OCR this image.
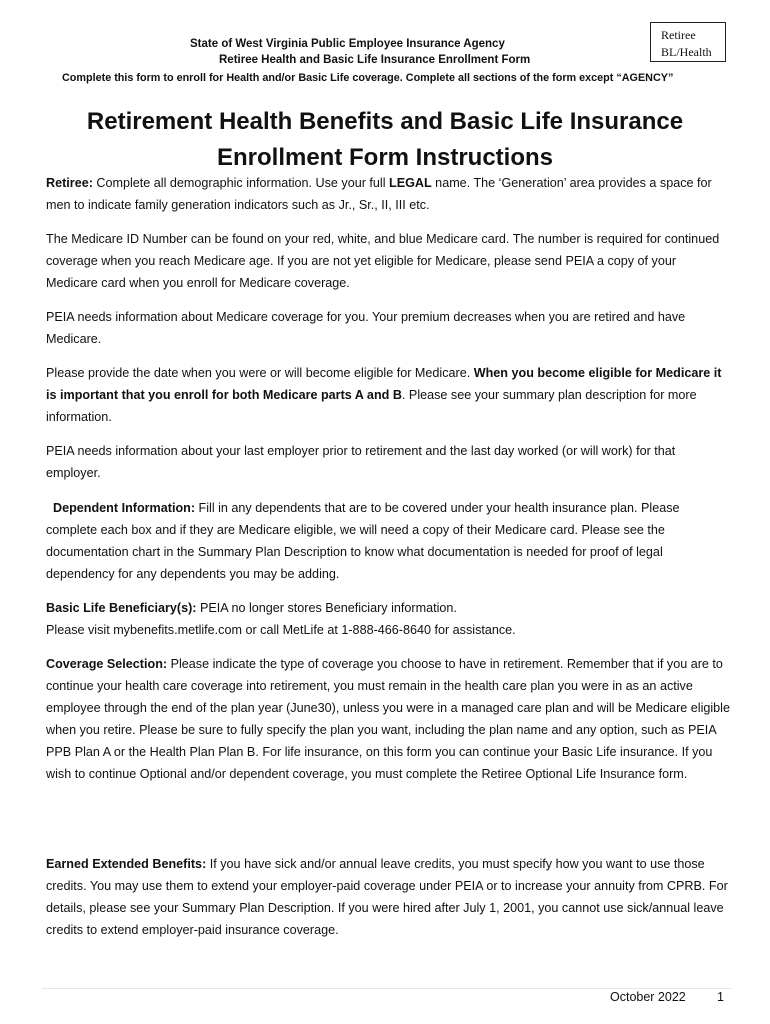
Retiree
BL/Health
State of West Virginia Public Employee Insurance Agency
Retiree Health and Basic Life Insurance Enrollment Form
Complete this form to enroll for Health and/or Basic Life coverage. Complete all sections of the form except “AGENCY”
Retirement Health Benefits and Basic Life Insurance
Enrollment Form Instructions
Retiree: Complete all demographic information. Use your full LEGAL name. The ‘Generation’ area provides a space for men to indicate family generation indicators such as Jr., Sr., II, III etc.
The Medicare ID Number can be found on your red, white, and blue Medicare card. The number is required for continued coverage when you reach Medicare age. If you are not yet eligible for Medicare, please send PEIA a copy of your Medicare card when you enroll for Medicare coverage.
PEIA needs information about Medicare coverage for you. Your premium decreases when you are retired and have Medicare.
Please provide the date when you were or will become eligible for Medicare. When you become eligible for Medicare it is important that you enroll for both Medicare parts A and B. Please see your summary plan description for more information.
PEIA needs information about your last employer prior to retirement and the last day worked (or will work) for that employer.
Dependent Information: Fill in any dependents that are to be covered under your health insurance plan. Please complete each box and if they are Medicare eligible, we will need a copy of their Medicare card. Please see the documentation chart in the Summary Plan Description to know what documentation is needed for proof of legal dependency for any dependents you may be adding.
Basic Life Beneficiary(s): PEIA no longer stores Beneficiary information.
Please visit mybenefits.metlife.com or call MetLife at 1-888-466-8640 for assistance.
Coverage Selection: Please indicate the type of coverage you choose to have in retirement. Remember that if you are to continue your health care coverage into retirement, you must remain in the health care plan you were in as an active employee through the end of the plan year (June30), unless you were in a managed care plan and will be Medicare eligible when you retire. Please be sure to fully specify the plan you want, including the plan name and any option, such as PEIA PPB Plan A or the Health Plan Plan B. For life insurance, on this form you can continue your Basic Life insurance. If you wish to continue Optional and/or dependent coverage, you must complete the Retiree Optional Life Insurance form.
Earned Extended Benefits: If you have sick and/or annual leave credits, you must specify how you want to use those credits. You may use them to extend your employer-paid coverage under PEIA or to increase your annuity from CPRB. For details, please see your Summary Plan Description. If you were hired after July 1, 2001, you cannot use sick/annual leave credits to extend employer-paid insurance coverage.
October 2022	1
